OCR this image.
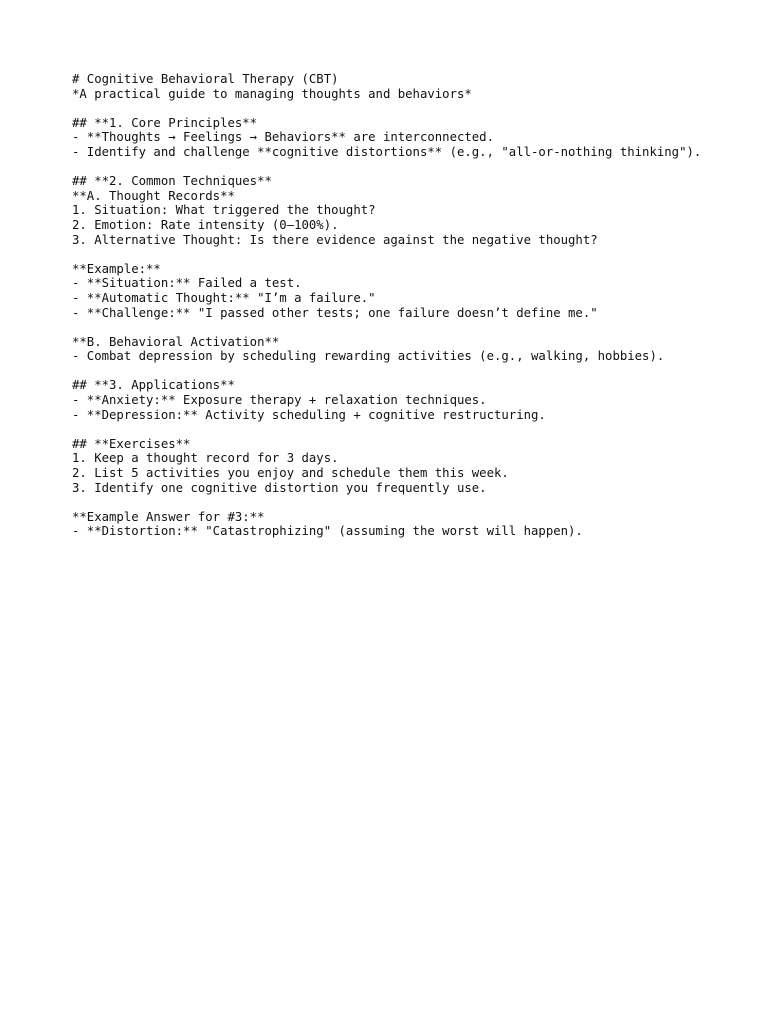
# Cognitive Behavioral Therapy (CBT)
*A practical guide to managing thoughts and behaviors*
## **1. Core Principles**
- **Thoughts → Feelings → Behaviors** are interconnected.
- Identify and challenge **cognitive distortions** (e.g., "all-or-nothing thinking").
## **2. Common Techniques**
**A. Thought Records**
1. Situation: What triggered the thought?
2. Emotion: Rate intensity (0–100%).
3. Alternative Thought: Is there evidence against the negative thought?
**Example:**
- **Situation:** Failed a test.
- **Automatic Thought:** "I’m a failure."
- **Challenge:** "I passed other tests; one failure doesn’t define me."
**B. Behavioral Activation**
- Combat depression by scheduling rewarding activities (e.g., walking, hobbies).
## **3. Applications**
- **Anxiety:** Exposure therapy + relaxation techniques.
- **Depression:** Activity scheduling + cognitive restructuring.
## **Exercises**
1. Keep a thought record for 3 days.
2. List 5 activities you enjoy and schedule them this week.
3. Identify one cognitive distortion you frequently use.
**Example Answer for #3:**
- **Distortion:** "Catastrophizing" (assuming the worst will happen).
